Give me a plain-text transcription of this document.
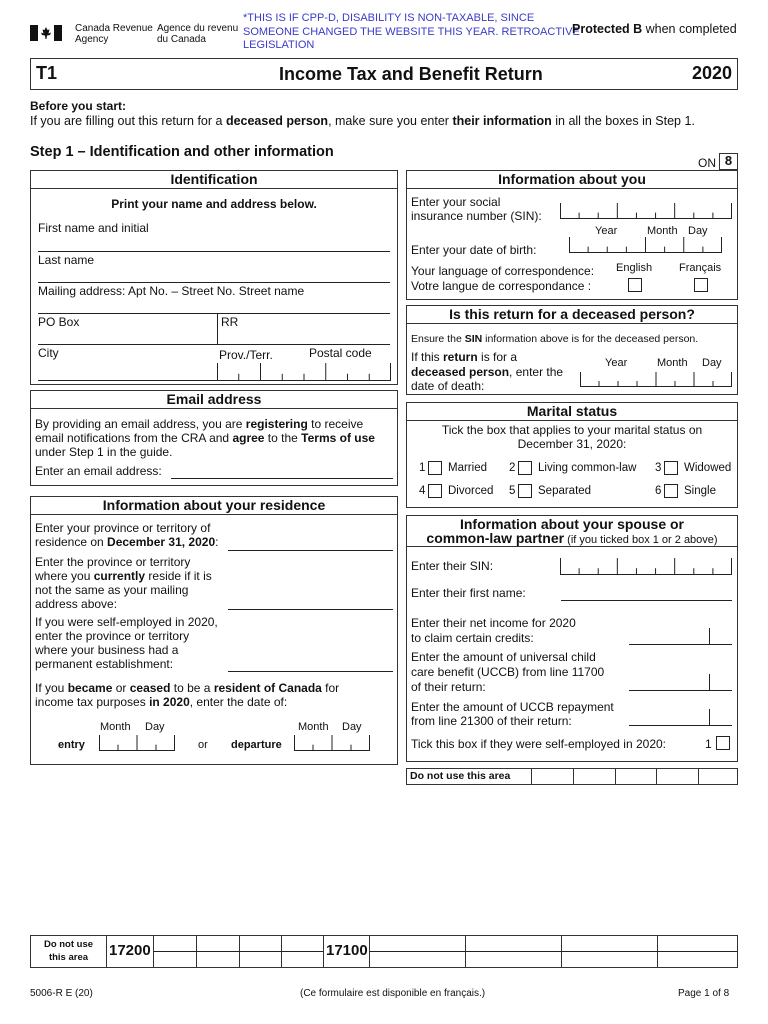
Canada Revenue
Agency
Agence du revenu
du Canada
*THIS IS IF CPP-D, DISABILITY IS NON-TAXABLE, SINCE
SOMEONE CHANGED THE WEBSITE THIS YEAR. RETROACTIVE
LEGISLATION
Protected B when completed
T1	Income Tax and Benefit Return	2020
Before you start:
If you are filling out this return for a deceased person, make sure you enter their information in all the boxes in Step 1.
Step 1 – Identification and other information
ON 8
Identification
Print your name and address below.
First name and initial
Last name
Mailing address: Apt No. – Street No. Street name
PO Box	RR
City	Prov./Terr.	Postal code
Email address
By providing an email address, you are registering to receive
email notifications from the CRA and agree to the Terms of use
under Step 1 in the guide.
Enter an email address:
Information about your residence
Enter your province or territory of
residence on December 31, 2020:
Enter the province or territory
where you currently reside if it is
not the same as your mailing
address above:
If you were self-employed in 2020,
enter the province or territory
where your business had a
permanent establishment:
If you became or ceased to be a resident of Canada for
income tax purposes in 2020, enter the date of:
Month Day	Month Day
entry	or departure
Information about you
Enter your social
insurance number (SIN):
Year	Month Day
Enter your date of birth:
Your language of correspondence:
Votre langue de correspondance :
English Français
Is this return for a deceased person?
Ensure the SIN information above is for the deceased person.
If this return is for a
deceased person, enter the
date of death:
Year	Month Day
Marital status
Tick the box that applies to your marital status on
December 31, 2020:
1 Married 2 Living common-law 3 Widowed
4 Divorced 5 Separated	6 Single
Information about your spouse or
common-law partner (if you ticked box 1 or 2 above)
Enter their SIN:
Enter their first name:
Enter their net income for 2020
to claim certain credits:
Enter the amount of universal child
care benefit (UCCB) from line 11700
of their return:
Enter the amount of UCCB repayment
from line 21300 of their return:
Tick this box if they were self-employed in 2020:	1
Do not use this area
Do not use
this area	17200	17100
5006-R E (20)	(Ce formulaire est disponible en français.)	Page 1 of 8
